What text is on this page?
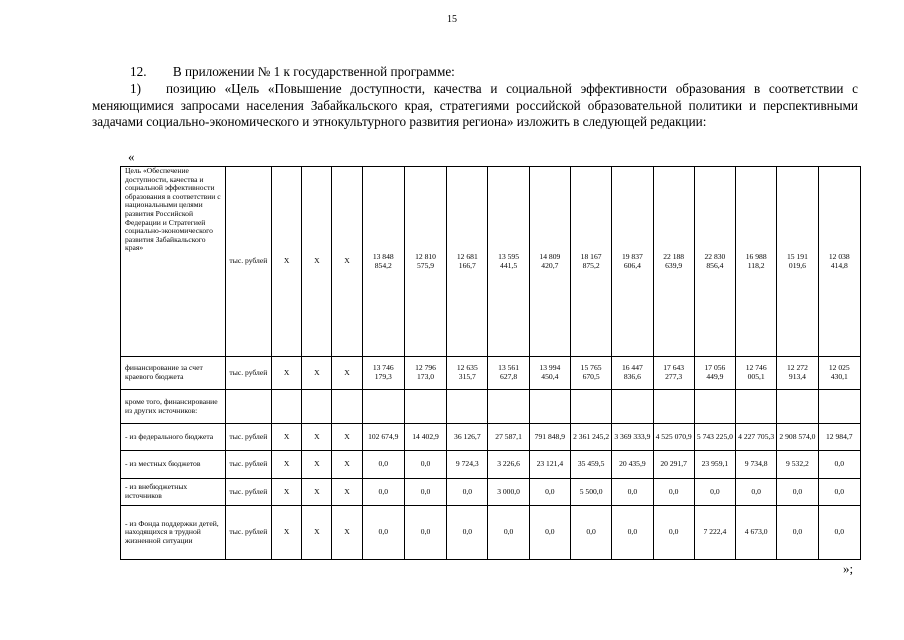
15
12.  В приложении № 1 к государственной программе:
1) позицию «Цель «Повышение доступности, качества и социальной эффективности образования в соответствии с меняющимися запросами населения Забайкальского края, стратегиями российской образовательной политики и перспективными задачами социально-экономического и этнокультурного развития региона» изложить в следующей редакции:
«
Цель «Обеспечение доступности, качества и социальной эффективности образования в соответствии с национальными целями развития Российской Федерации и Стратегией социально-экономического развития Забайкальского края»	тыс. рублей	Х	Х	Х	13 848 854,2	12 810 575,9	12 681 166,7	13 595 441,5	14 809 420,7	18 167 875,2	19 837 606,4	22 188 639,9	22 830 856,4	16 988 118,2	15 191 019,6	12 038 414,8
финансирование за счет краевого бюджета	тыс. рублей	Х	Х	Х	13 746 179,3	12 796 173,0	12 635 315,7	13 561 627,8	13 994 450,4	15 765 670,5	16 447 836,6	17 643 277,3	17 056 449,9	12 746 005,1	12 272 913,4	12 025 430,1
кроме того, финансирование из других источников:																
- из федерального бюджета	тыс. рублей	Х	Х	Х	102 674,9	14 402,9	36 126,7	27 587,1	791 848,9	2 361 245,2	3 369 333,9	4 525 070,9	5 743 225,0	4 227 705,3	2 908 574,0	12 984,7
- из местных бюджетов	тыс. рублей	Х	Х	Х	0,0	0,0	9 724,3	3 226,6	23 121,4	35 459,5	20 435,9	20 291,7	23 959,1	9 734,8	9 532,2	0,0
- из внебюджетных источников	тыс. рублей	Х	Х	Х	0,0	0,0	0,0	3 000,0	0,0	5 500,0	0,0	0,0	0,0	0,0	0,0	0,0
- из Фонда поддержки детей, находящихся в трудной жизненной ситуации	тыс. рублей	Х	Х	Х	0,0	0,0	0,0	0,0	0,0	0,0	0,0	0,0	7 222,4	4 673,0	0,0	0,0
»;
